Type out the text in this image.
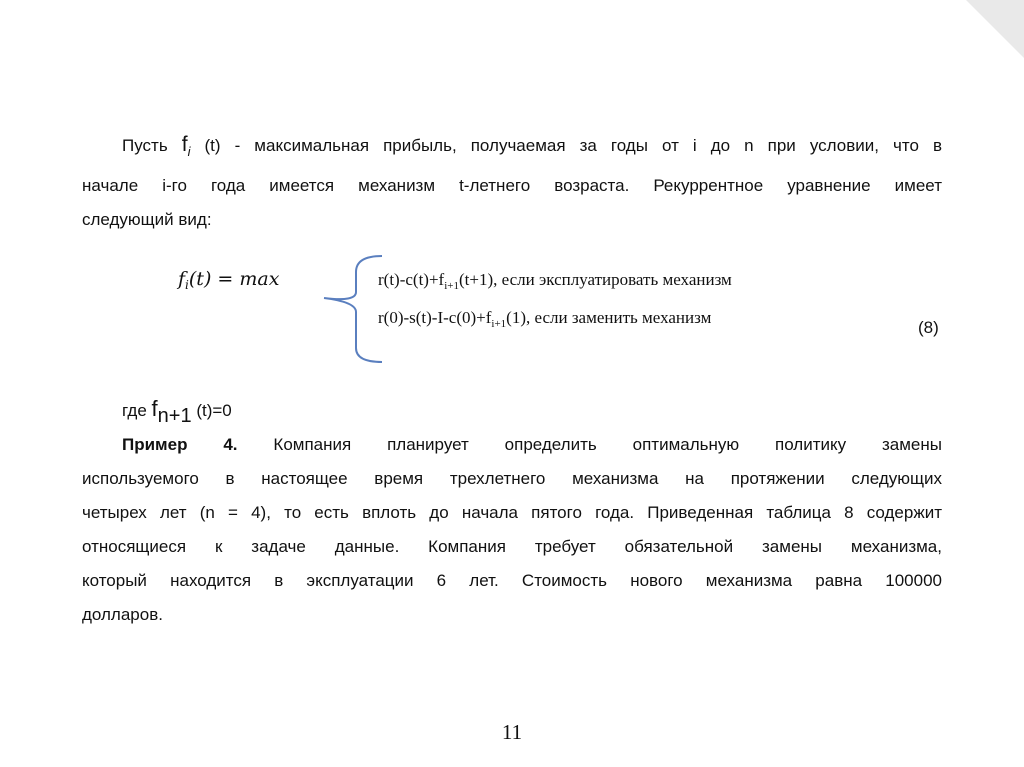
Пусть $f_i$ (t) - максимальная прибыль, получаемая за годы от i до n при условии, что в
начале i-го года имеется механизм t-летнего возраста. Рекуррентное уравнение имеет
следующий вид:
$f_i(t) = \max$	$r(t)-c(t)+f_{i+1}(t+1)$, если эксплуатировать механизм
$r(0)-s(t)-I-c(0)+f_{i+1}(1)$, если заменить механизм
(8)
где fn+1 (t)=0
Пример 4. Компания планирует определить оптимальную политику замены
используемого в настоящее время трехлетнего механизма на протяжении следующих
четырех лет (n = 4), то есть вплоть до начала пятого года. Приведенная таблица 8 содержит
относящиеся к задаче данные. Компания требует обязательной замены механизма,
который находится в эксплуатации 6 лет. Стоимость нового механизма равна 100000
долларов.
11
